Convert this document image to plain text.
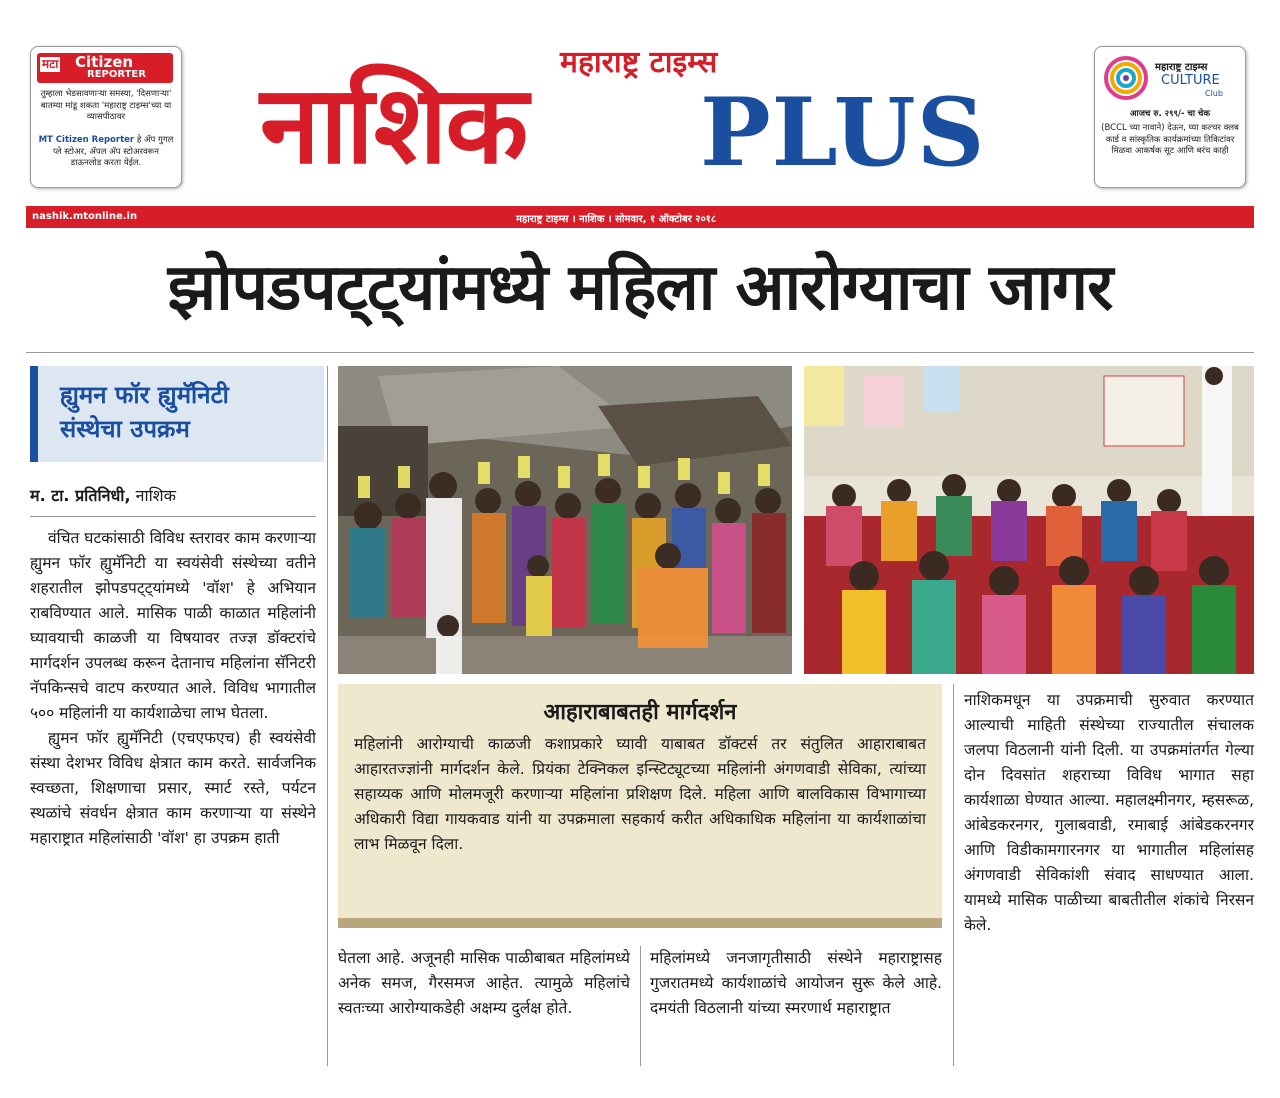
मटा Citizen
REPORTER
तुम्हाला भेडसावणाऱ्या समस्या, 'दिसणाऱ्या' बातम्या मांडू शकता 'महाराष्ट्र टाइम्स'च्या या व्यासपीठावर
MT Citizen Reporter हे ॲप गुगल प्ले स्टोअर, ॲपल ॲप स्टोअरवरून डाऊनलोड करता येईल.
महाराष्ट्र टाइम्स
नाशिक PLUS
महाराष्ट्र टाइम्स
CULTURE
Club
आजच रु. २९९/- चा चेक
(BCCL च्या नावाने) देऊन, घ्या कल्चर क्लब कार्ड व सांस्कृतिक कार्यक्रमांच्या तिकिटांवर मिळवा आकर्षक सूट आणि बरंच काही
nashik.mtonline.in	महाराष्ट्र टाइम्स । नाशिक । सोमवार, १ ऑक्टोबर २०१८
झोपडपट्ट्यांमध्ये महिला आरोग्याचा जागर
ह्युमन फॉर ह्युमॅनिटी
संस्थेचा उपक्रम
म. टा. प्रतिनिधी, नाशिक
वंचित घटकांसाठी विविध स्तरावर काम करणाऱ्या ह्युमन फॉर ह्युमॅनिटी या स्वयंसेवी संस्थेच्या वतीने शहरातील झोपडपट्ट्यांमध्ये 'वॉश' हे अभियान राबविण्यात आले. मासिक पाळी काळात महिलांनी घ्यावयाची काळजी या विषयावर तज्ज्ञ डॉक्टरांचे मार्गदर्शन उपलब्ध करून देतानाच महिलांना सॅनिटरी नॅपकिन्सचे वाटप करण्यात आले. विविध भागातील ५०० महिलांनी या कार्यशाळेचा लाभ घेतला.
ह्युमन फॉर ह्युमॅनिटी (एचएफएच) ही स्वयंसेवी संस्था देशभर विविध क्षेत्रात काम करते. सार्वजनिक स्वच्छता, शिक्षणाचा प्रसार, स्मार्ट रस्ते, पर्यटन स्थळांचे संवर्धन क्षेत्रात काम करणाऱ्या या संस्थेने महाराष्ट्रात महिलांसाठी 'वॉश' हा उपक्रम हाती
आहाराबाबतही मार्गदर्शन
महिलांनी आरोग्याची काळजी कशाप्रकारे घ्यावी याबाबत डॉक्टर्स तर संतुलित आहाराबाबत आहारतज्ज्ञांनी मार्गदर्शन केले. प्रियंका टेक्निकल इन्स्टिट्यूटच्या महिलांनी अंगणवाडी सेविका, त्यांच्या सहाय्यक आणि मोलमजूरी करणाऱ्या महिलांना प्रशिक्षण दिले. महिला आणि बालविकास विभागाच्या अधिकारी विद्या गायकवाड यांनी या उपक्रमाला सहकार्य करीत अधिकाधिक महिलांना या कार्यशाळांचा लाभ मिळवून दिला.
घेतला आहे. अजूनही मासिक पाळीबाबत महिलांमध्ये अनेक समज, गैरसमज आहेत. त्यामुळे महिलांचे स्वतःच्या आरोग्याकडेही अक्षम्य दुर्लक्ष होते.
महिलांमध्ये जनजागृतीसाठी संस्थेने महाराष्ट्रासह गुजरातमध्ये कार्यशाळांचे आयोजन सुरू केले आहे. दमयंती विठलानी यांच्या स्मरणार्थ महाराष्ट्रात
नाशिकमधून या उपक्रमाची सुरुवात करण्यात आल्याची माहिती संस्थेच्या राज्यातील संचालक जलपा विठलानी यांनी दिली. या उपक्रमांतर्गत गेल्या दोन दिवसांत शहराच्या विविध भागात सहा कार्यशाळा घेण्यात आल्या. महालक्ष्मीनगर, म्हसरूळ, आंबेडकरनगर, गुलाबवाडी, रमाबाई आंबेडकरनगर आणि विडीकामगारनगर या भागातील महिलांसह अंगणवाडी सेविकांशी संवाद साधण्यात आला. यामध्ये मासिक पाळीच्या बाबतीतील शंकांचे निरसन केले.
